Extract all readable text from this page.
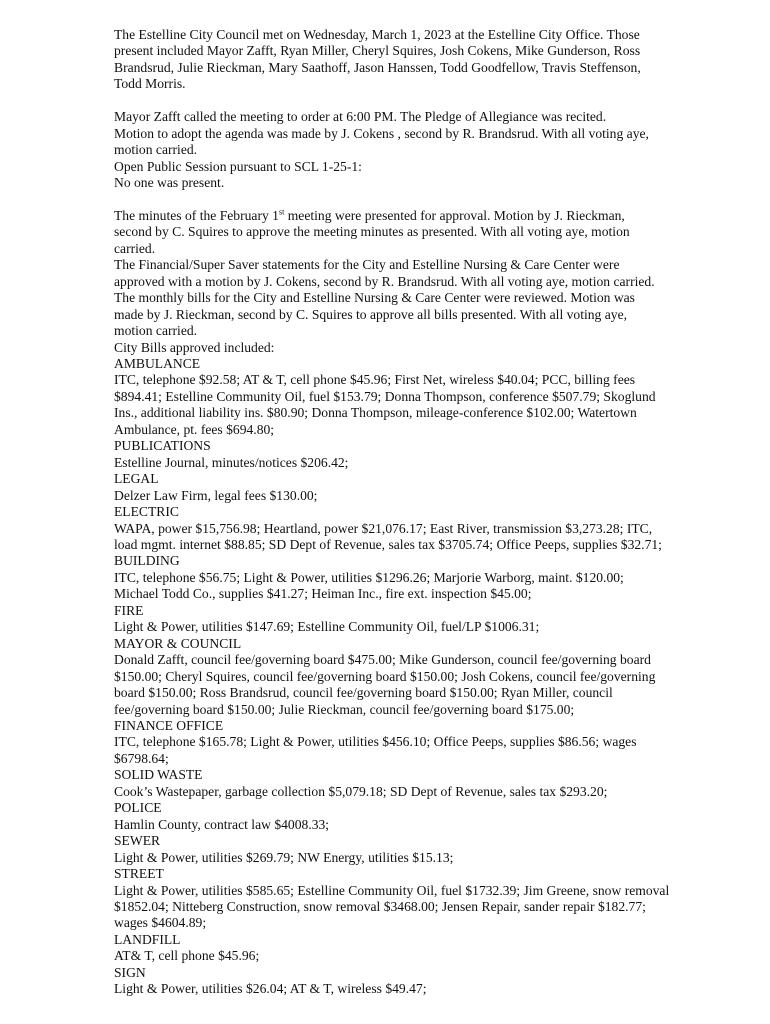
The Estelline City Council met on Wednesday, March 1, 2023 at the Estelline City Office. Those
present included Mayor Zafft, Ryan Miller, Cheryl Squires, Josh Cokens, Mike Gunderson, Ross
Brandsrud, Julie Rieckman, Mary Saathoff, Jason Hanssen, Todd Goodfellow, Travis Steffenson,
Todd Morris.
Mayor Zafft called the meeting to order at 6:00 PM. The Pledge of Allegiance was recited.
Motion to adopt the agenda was made by J. Cokens , second by R. Brandsrud. With all voting aye,
motion carried.
Open Public Session pursuant to SCL 1-25-1:
No one was present.
The minutes of the February 1st meeting were presented for approval. Motion by J. Rieckman,
second by C. Squires to approve the meeting minutes as presented. With all voting aye, motion
carried.
The Financial/Super Saver statements for the City and Estelline Nursing & Care Center were
approved with a motion by J. Cokens, second by R. Brandsrud. With all voting aye, motion carried.
The monthly bills for the City and Estelline Nursing & Care Center were reviewed. Motion was
made by J. Rieckman, second by C. Squires to approve all bills presented. With all voting aye,
motion carried.
City Bills approved included:
AMBULANCE
ITC, telephone $92.58; AT & T, cell phone $45.96; First Net, wireless $40.04; PCC, billing fees
$894.41; Estelline Community Oil, fuel $153.79; Donna Thompson, conference $507.79; Skoglund
Ins., additional liability ins. $80.90; Donna Thompson, mileage-conference $102.00; Watertown
Ambulance, pt. fees $694.80;
PUBLICATIONS
Estelline Journal, minutes/notices $206.42;
LEGAL
Delzer Law Firm, legal fees $130.00;
ELECTRIC
WAPA, power $15,756.98; Heartland, power $21,076.17; East River, transmission $3,273.28; ITC,
load mgmt. internet $88.85; SD Dept of Revenue, sales tax $3705.74; Office Peeps, supplies $32.71;
BUILDING
ITC, telephone $56.75; Light & Power, utilities $1296.26; Marjorie Warborg, maint. $120.00;
Michael Todd Co., supplies $41.27; Heiman Inc., fire ext. inspection $45.00;
FIRE
Light & Power, utilities $147.69; Estelline Community Oil, fuel/LP $1006.31;
MAYOR & COUNCIL
Donald Zafft, council fee/governing board $475.00; Mike Gunderson, council fee/governing board
$150.00; Cheryl Squires, council fee/governing board $150.00; Josh Cokens, council fee/governing
board $150.00; Ross Brandsrud, council fee/governing board $150.00; Ryan Miller, council
fee/governing board $150.00; Julie Rieckman, council fee/governing board $175.00;
FINANCE OFFICE
ITC, telephone $165.78; Light & Power, utilities $456.10; Office Peeps, supplies $86.56; wages
$6798.64;
SOLID WASTE
Cook’s Wastepaper, garbage collection $5,079.18; SD Dept of Revenue, sales tax $293.20;
POLICE
Hamlin County, contract law $4008.33;
SEWER
Light & Power, utilities $269.79; NW Energy, utilities $15.13;
STREET
Light & Power, utilities $585.65; Estelline Community Oil, fuel $1732.39; Jim Greene, snow removal
$1852.04; Nitteberg Construction, snow removal $3468.00; Jensen Repair, sander repair $182.77;
wages $4604.89;
LANDFILL
AT& T, cell phone $45.96;
SIGN
Light & Power, utilities $26.04; AT & T, wireless $49.47;
